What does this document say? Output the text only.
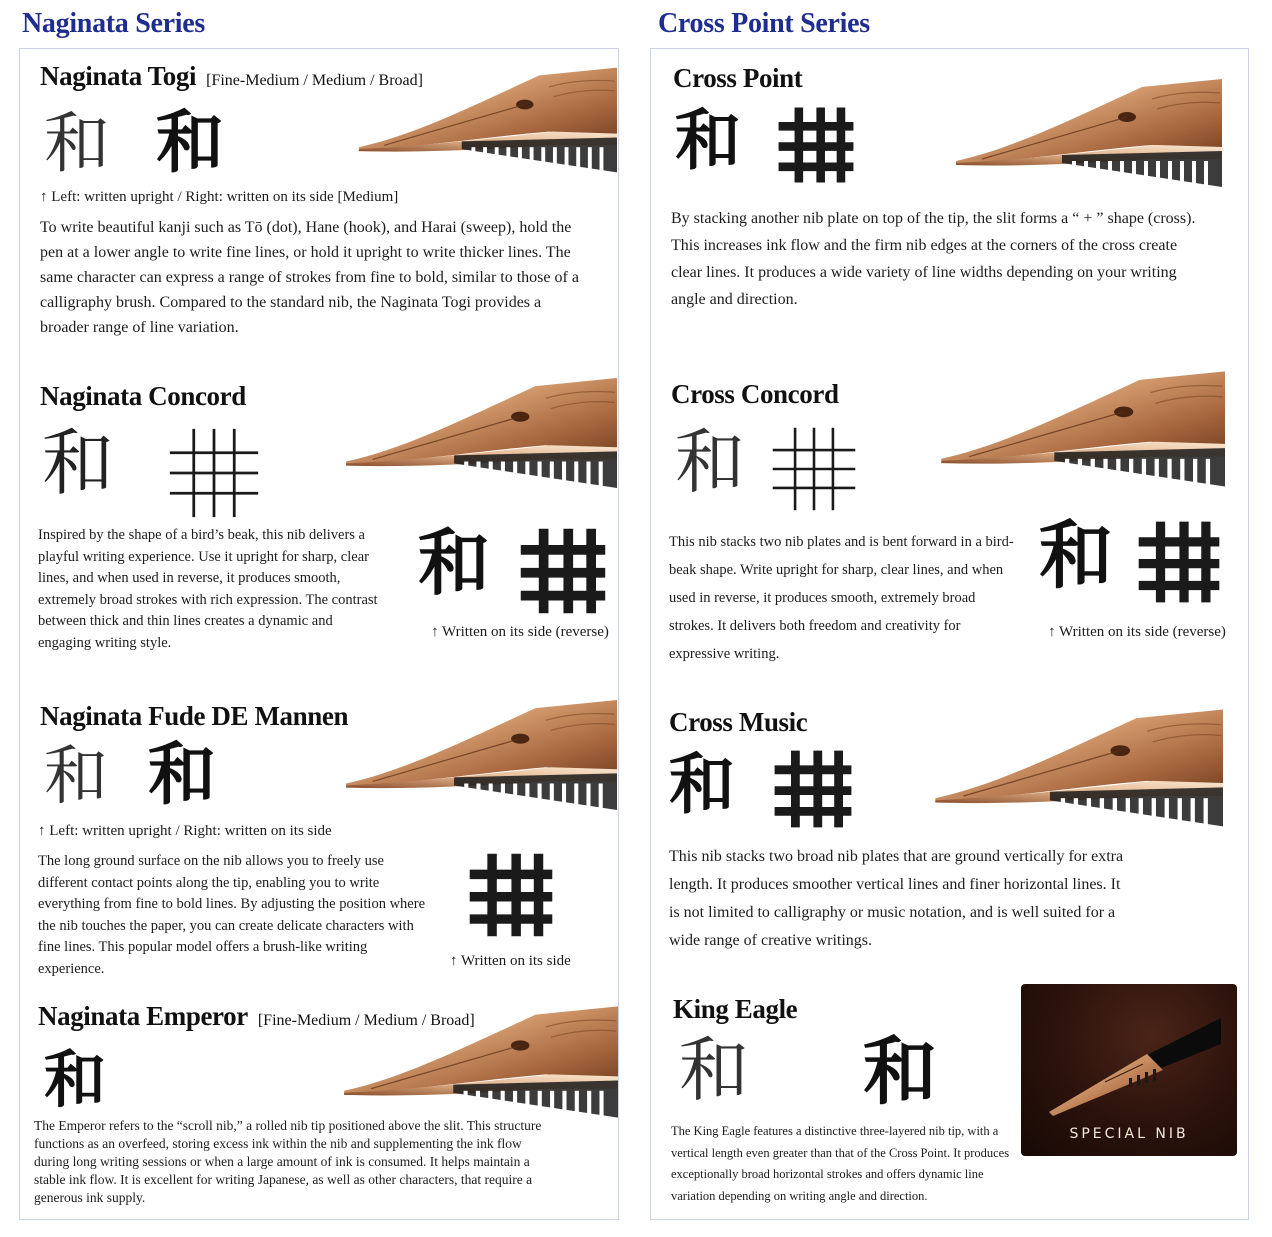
Naginata Series
Naginata Togi [Fine-Medium / Medium / Broad]
和 和
↑ Left: written upright / Right: written on its side [Medium]

To write beautiful kanji such as Tō (dot), Hane (hook), and Harai (sweep), hold the pen at a lower angle to write fine lines, or hold it upright to write thicker lines. The same character can express a range of strokes from fine to bold, similar to those of a calligraphy brush. Compared to the standard nib, the Naginata Togi provides a broader range of line variation.

Naginata Concord
和

Inspired by the shape of a bird’s beak, this nib delivers a playful writing experience. Use it upright for sharp, clear lines, and when used in reverse, it produces smooth, extremely broad strokes with rich expression. The contrast between thick and thin lines creates a dynamic and engaging writing style.

和
↑ Written on its side (reverse)
Naginata Fude DE Mannen
和 和
↑ Left: written upright / Right: written on its side

The long ground surface on the nib allows you to freely use different contact points along the tip, enabling you to write everything from fine to bold lines. By adjusting the position where the nib touches the paper, you can create delicate characters with fine lines. This popular model offers a brush-like writing experience.	↑ Written on its side
Naginata Emperor [Fine-Medium / Medium / Broad]
和

The Emperor refers to the “scroll nib,” a rolled nib tip positioned above the slit. This structure functions as an overfeed, storing excess ink within the nib and supplementing the ink flow during long writing sessions or when a large amount of ink is consumed. It helps maintain a stable ink flow. It is excellent for writing Japanese, as well as other characters, that require a generous ink supply.

Cross Point Series
Cross Point
和

By stacking another nib plate on top of the tip, the slit forms a “ + ” shape (cross). This increases ink flow and the firm nib edges at the corners of the cross create clear lines. It produces a wide variety of line widths depending on your writing angle and direction.

Cross Concord
和

This nib stacks two nib plates and is bent forward in a bird-beak shape. Write upright for sharp, clear lines, and when used in reverse, it produces smooth, extremely broad strokes. It delivers both freedom and creativity for expressive writing.

和
↑ Written on its side (reverse)
Cross Music
和

This nib stacks two broad nib plates that are ground vertically for extra length. It produces smoother vertical lines and finer horizontal lines. It is not limited to calligraphy or music notation, and is well suited for a wide range of creative writings.

King Eagle
和 和
SPECIAL NIB

The King Eagle features a distinctive three-layered nib tip, with a vertical length even greater than that of the Cross Point. It produces exceptionally broad horizontal strokes and offers dynamic line variation depending on writing angle and direction.
